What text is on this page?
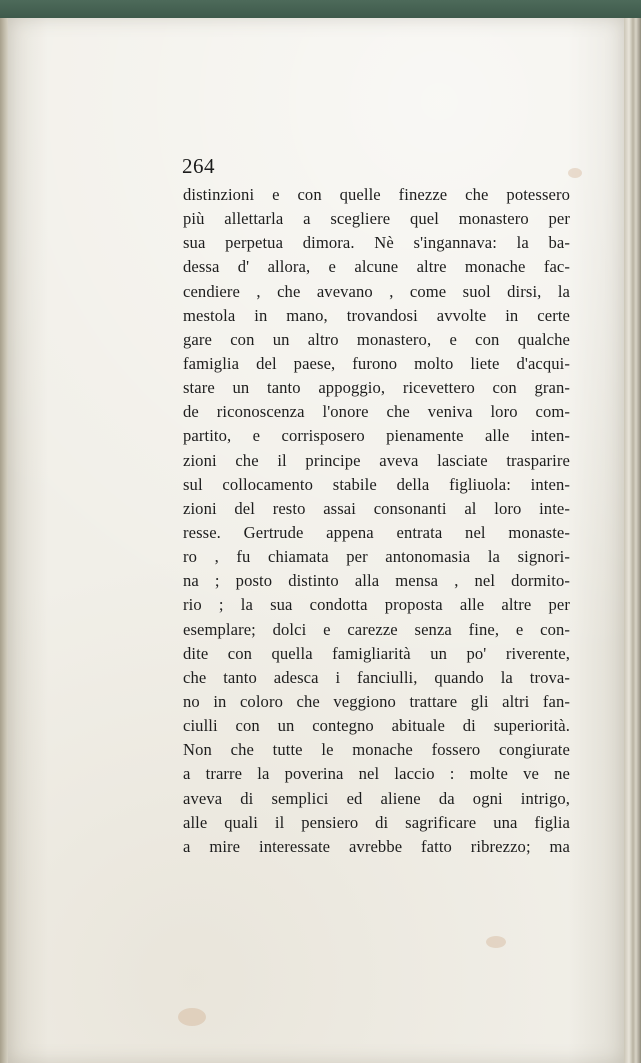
264

distinzioni e con quelle finezze che potessero
più allettarla a scegliere quel monastero per
sua perpetua dimora. Nè s'ingannava: la ba-
dessa d' allora, e alcune altre monache fac-
cendiere , che avevano , come suol dirsi, la
mestola in mano, trovandosi avvolte in certe
gare con un altro monastero, e con qualche
famiglia del paese, furono molto liete d'acqui-
stare un tanto appoggio, ricevettero con gran-
de riconoscenza l'onore che veniva loro com-
partito, e corrisposero pienamente alle inten-
zioni che il principe aveva lasciate trasparire
sul collocamento stabile della figliuola: inten-
zioni del resto assai consonanti al loro inte-
resse. Gertrude appena entrata nel monaste-
ro , fu chiamata per antonomasia la signori-
na ; posto distinto alla mensa , nel dormito-
rio ; la sua condotta proposta alle altre per
esemplare; dolci e carezze senza fine, e con-
dite con quella famigliarità un po' riverente,
che tanto adesca i fanciulli, quando la trova-
no in coloro che veggiono trattare gli altri fan-
ciulli con un contegno abituale di superiorità.
Non che tutte le monache fossero congiurate
a trarre la poverina nel laccio : molte ve ne
aveva di semplici ed aliene da ogni intrigo,
alle quali il pensiero di sagrificare una figlia
a mire interessate avrebbe fatto ribrezzo; ma
